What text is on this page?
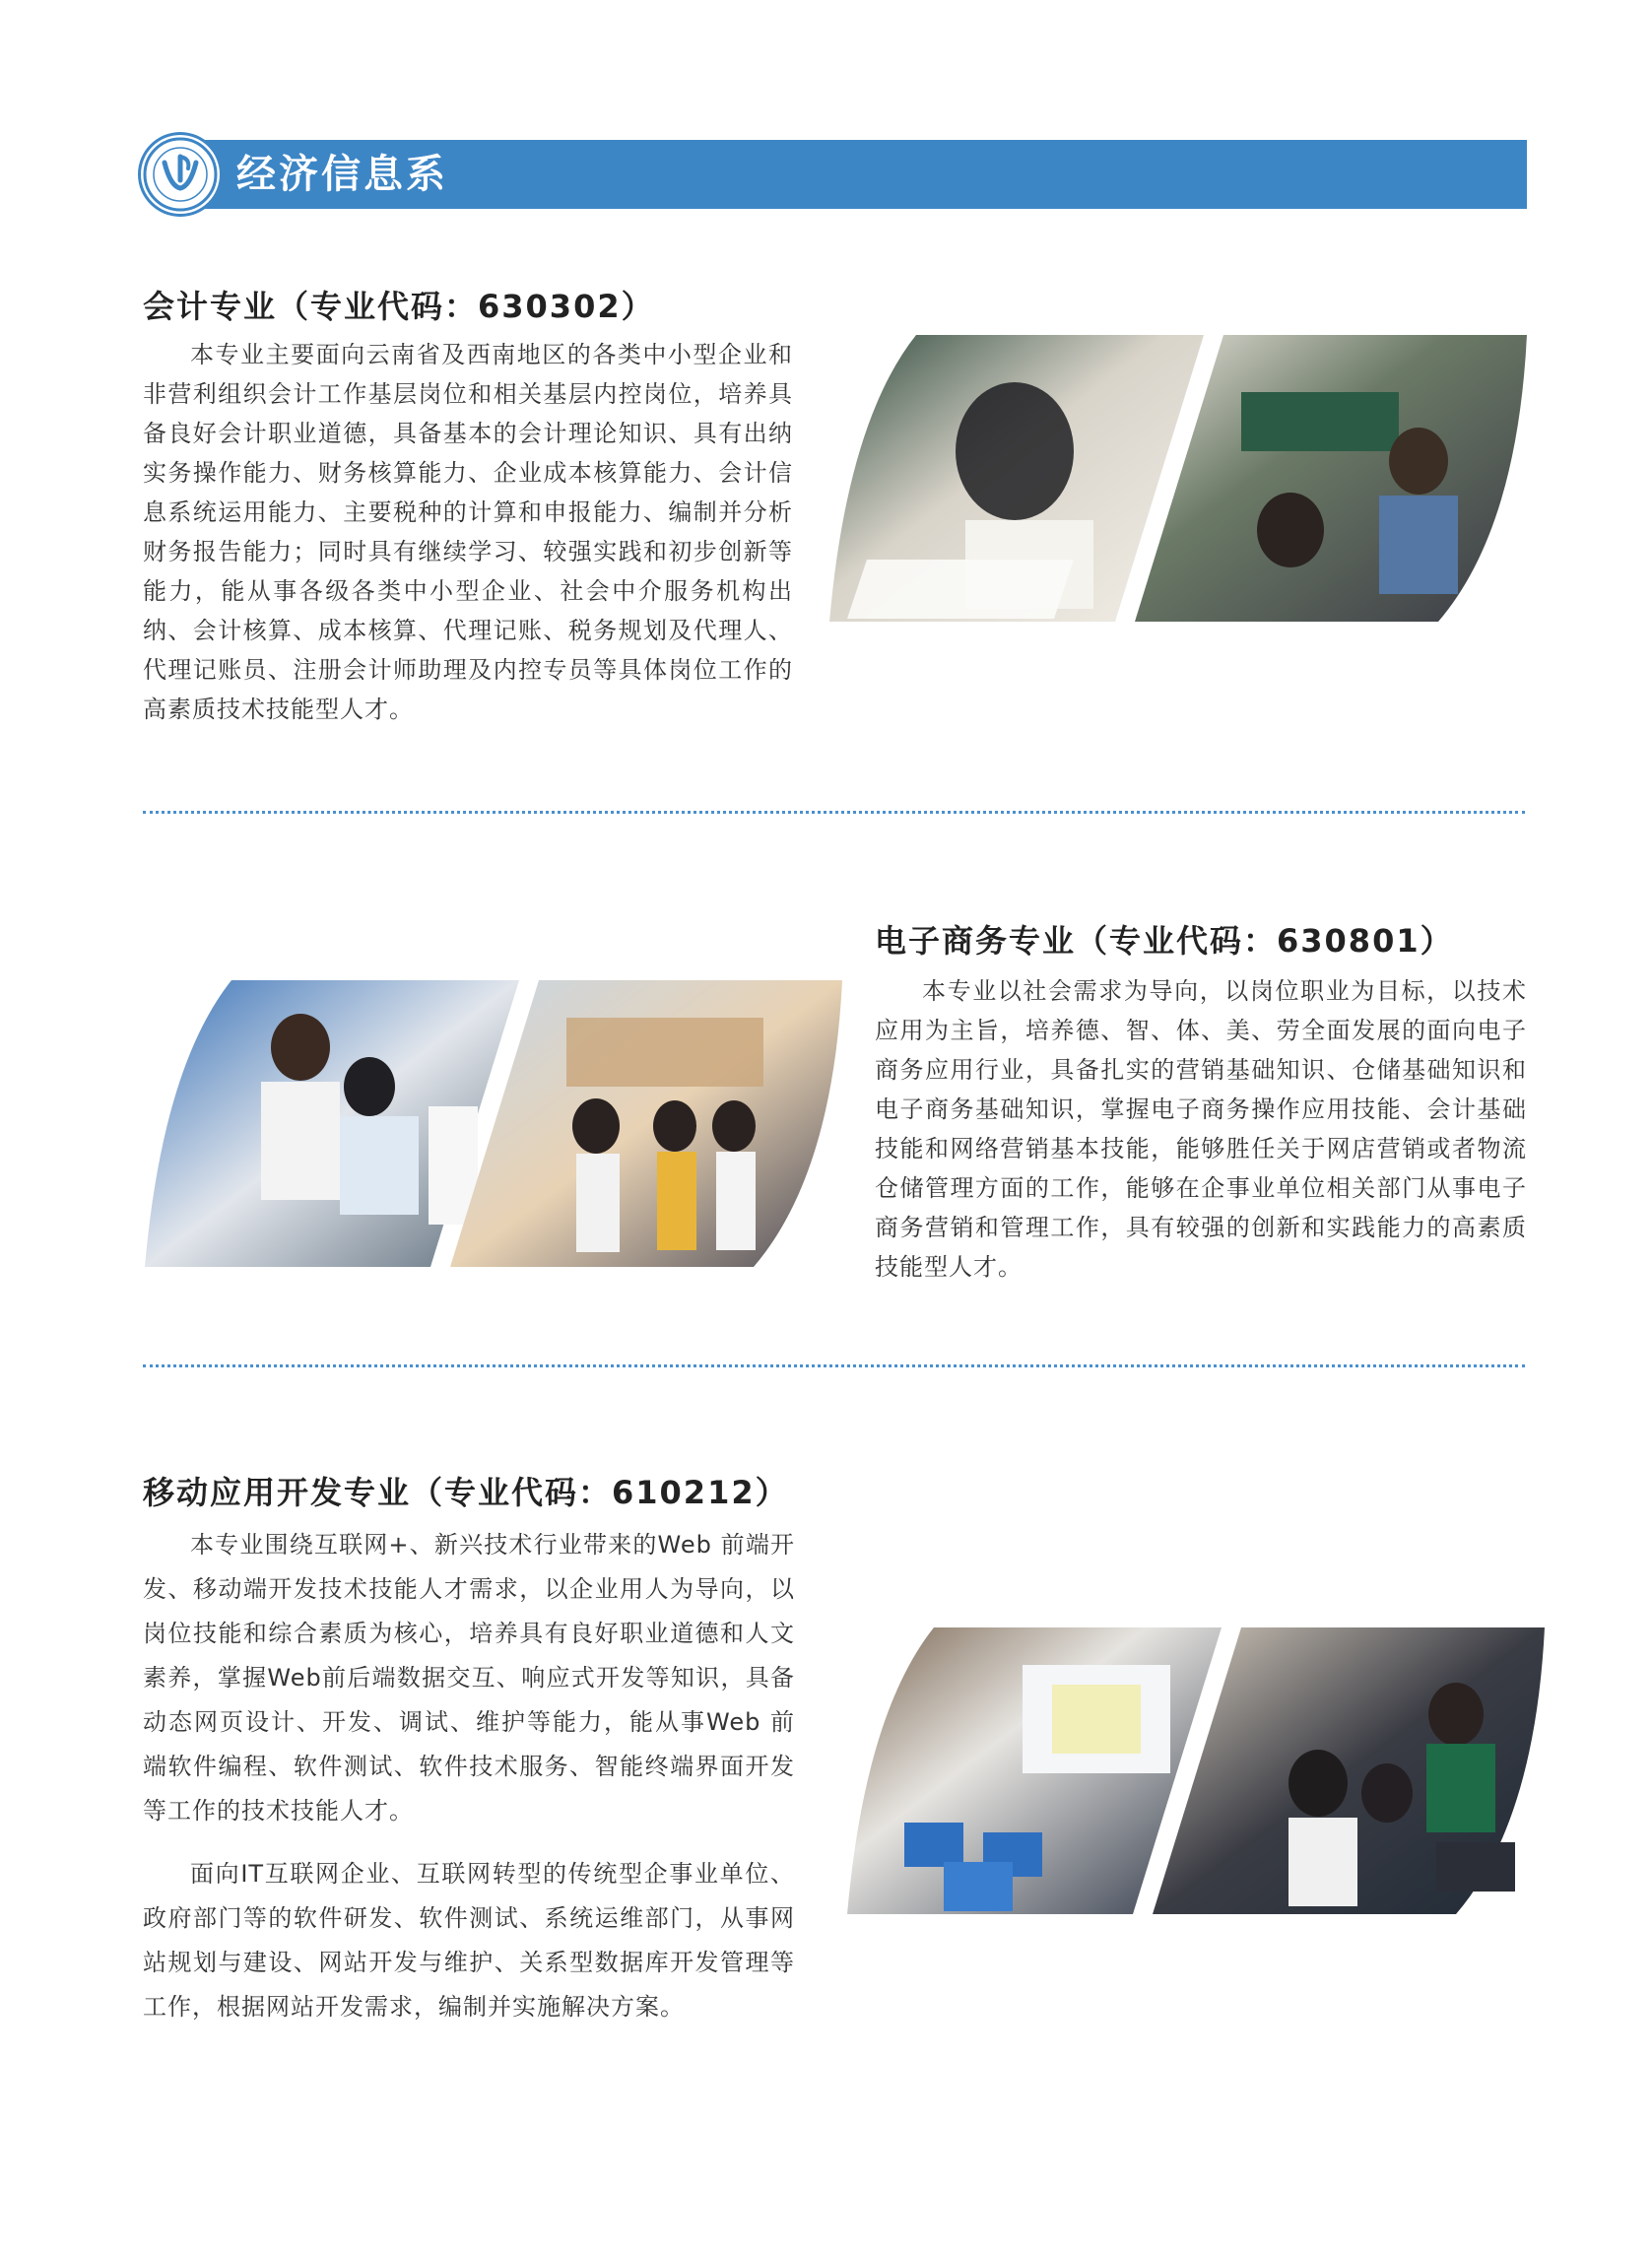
经济信息系
会计专业（专业代码：630302）

本专业主要面向云南省及西南地区的各类中小型企业和非营利组织会计工作基层岗位和相关基层内控岗位，培养具备良好会计职业道德，具备基本的会计理论知识、具有出纳实务操作能力、财务核算能力、企业成本核算能力、会计信息系统运用能力、主要税种的计算和申报能力、编制并分析财务报告能力；同时具有继续学习、较强实践和初步创新等能力，能从事各级各类中小型企业、社会中介服务机构出纳、会计核算、成本核算、代理记账、税务规划及代理人、代理记账员、注册会计师助理及内控专员等具体岗位工作的高素质技术技能型人才。

电子商务专业（专业代码：630801）

本专业以社会需求为导向，以岗位职业为目标，以技术应用为主旨，培养德、智、体、美、劳全面发展的面向电子商务应用行业，具备扎实的营销基础知识、仓储基础知识和电子商务基础知识，掌握电子商务操作应用技能、会计基础技能和网络营销基本技能，能够胜任关于网店营销或者物流仓储管理方面的工作，能够在企事业单位相关部门从事电子商务营销和管理工作，具有较强的创新和实践能力的高素质技能型人才。

移动应用开发专业（专业代码：610212）

本专业围绕互联网+、新兴技术行业带来的Web 前端开发、移动端开发技术技能人才需求，以企业用人为导向，以岗位技能和综合素质为核心，培养具有良好职业道德和人文素养，掌握Web前后端数据交互、响应式开发等知识，具备动态网页设计、开发、调试、维护等能力，能从事Web 前端软件编程、软件测试、软件技术服务、智能终端界面开发等工作的技术技能人才。

面向IT互联网企业、互联网转型的传统型企事业单位、政府部门等的软件研发、软件测试、系统运维部门，从事网站规划与建设、网站开发与维护、关系型数据库开发管理等工作，根据网站开发需求，编制并实施解决方案。
